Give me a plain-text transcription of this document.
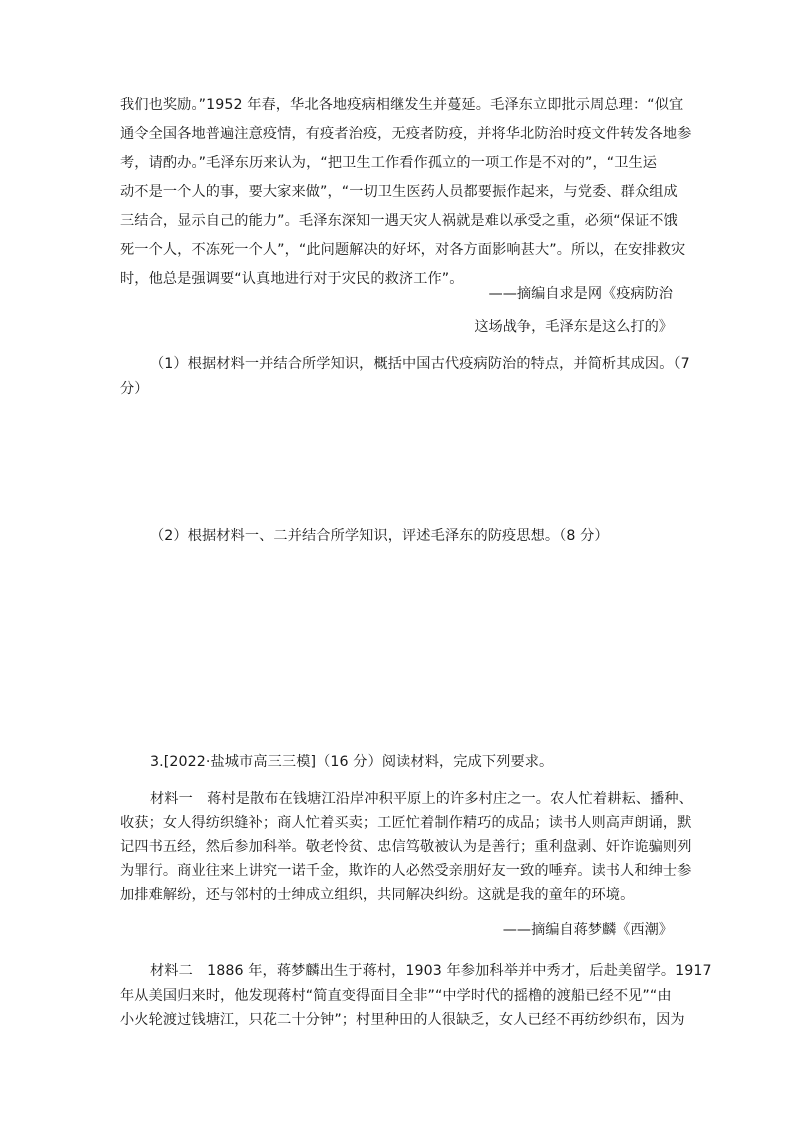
我们也奖励。”1952 年春，华北各地疫病相继发生并蔓延。毛泽东立即批示周总理：“似宜
通令全国各地普遍注意疫情，有疫者治疫，无疫者防疫，并将华北防治时疫文件转发各地参
考，请酌办。”毛泽东历来认为，“把卫生工作看作孤立的一项工作是不对的”，“卫生运
动不是一个人的事，要大家来做”，“一切卫生医药人员都要振作起来，与党委、群众组成
三结合，显示自己的能力”。毛泽东深知一遇天灾人祸就是难以承受之重，必须“保证不饿
死一个人，不冻死一个人”，“此问题解决的好坏，对各方面影响甚大”。所以，在安排救灾
时，他总是强调要“认真地进行对于灾民的救济工作”。
——摘编自求是网《疫病防治
这场战争，毛泽东是这么打的》
（1）根据材料一并结合所学知识，概括中国古代疫病防治的特点，并简析其成因。（7
分）
（2）根据材料一、二并结合所学知识，评述毛泽东的防疫思想。（8 分）
3.[2022·盐城市高三三模]（16 分）阅读材料，完成下列要求。
材料一　蒋村是散布在钱塘江沿岸冲积平原上的许多村庄之一。农人忙着耕耘、播种、
收获；女人得纺织缝补；商人忙着买卖；工匠忙着制作精巧的成品；读书人则高声朗诵，默
记四书五经，然后参加科举。敬老怜贫、忠信笃敬被认为是善行；重利盘剥、奸诈诡骗则列
为罪行。商业往来上讲究一诺千金，欺诈的人必然受亲朋好友一致的唾弃。读书人和绅士参
加排难解纷，还与邻村的士绅成立组织，共同解决纠纷。这就是我的童年的环境。
——摘编自蒋梦麟《西潮》
材料二　1886 年，蒋梦麟出生于蒋村，1903 年参加科举并中秀才，后赴美留学。1917
年从美国归来时，他发现蒋村“简直变得面目全非”“中学时代的摇橹的渡船已经不见”“由
小火轮渡过钱塘江，只花二十分钟”；村里种田的人很缺乏，女人已经不再纺纱织布，因为
